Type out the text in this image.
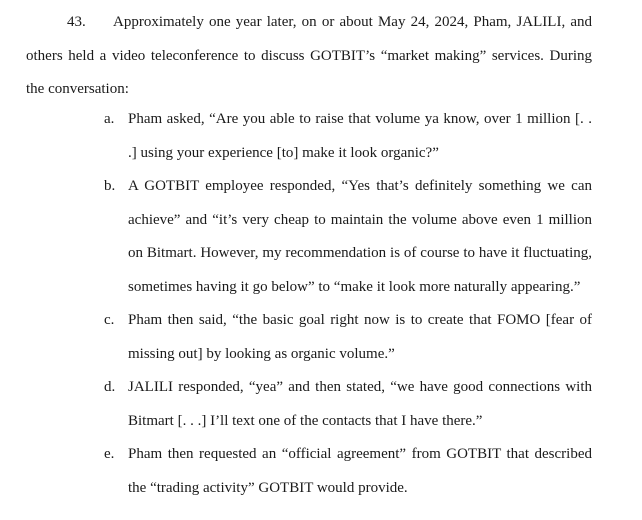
43. Approximately one year later, on or about May 24, 2024, Pham, JALILI, and others held a video teleconference to discuss GOTBIT’s “market making” services. During the conversation:

a. Pham asked, “Are you able to raise that volume ya know, over 1 million [. . .] using your experience [to] make it look organic?”
b. A GOTBIT employee responded, “Yes that’s definitely something we can achieve” and “it’s very cheap to maintain the volume above even 1 million on Bitmart. However, my recommendation is of course to have it fluctuating, sometimes having it go below” to “make it look more naturally appearing.”
c. Pham then said, “the basic goal right now is to create that FOMO [fear of missing out] by looking as organic volume.”
d. JALILI responded, “yea” and then stated, “we have good connections with Bitmart [. . .] I’ll text one of the contacts that I have there.”
e. Pham then requested an “official agreement” from GOTBIT that described the “trading activity” GOTBIT would provide.
